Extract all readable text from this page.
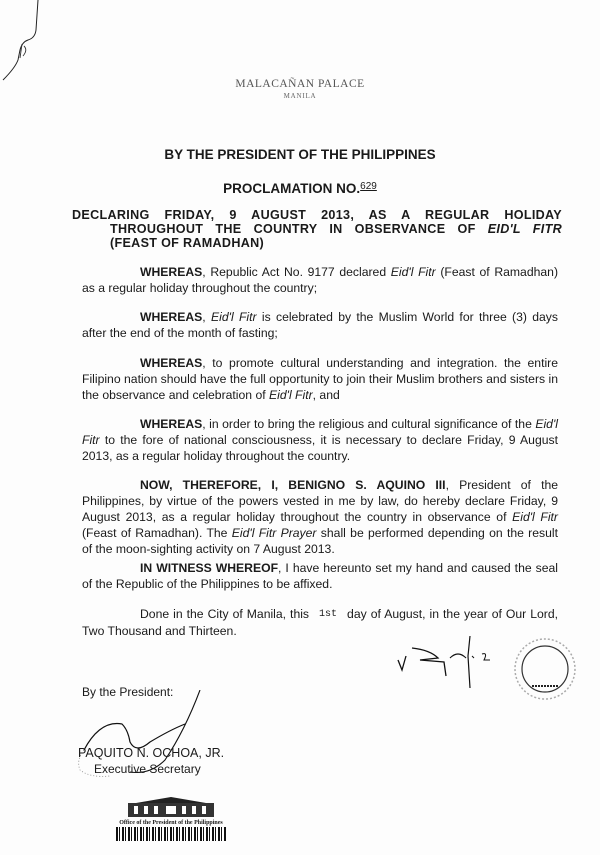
MALACAÑAN PALACE
MANILA
BY THE PRESIDENT OF THE PHILIPPINES
PROCLAMATION NO.$^{629}$
DECLARING FRIDAY, 9 AUGUST 2013, AS A REGULAR HOLIDAY
THROUGHOUT THE COUNTRY IN OBSERVANCE OF EID'L FITR
(FEAST OF RAMADHAN)
WHEREAS, Republic Act No. 9177 declared Eid'l Fitr (Feast of Ramadhan) as a regular holiday throughout the country;
WHEREAS, Eid'l Fitr is celebrated by the Muslim World for three (3) days after the end of the month of fasting;
WHEREAS, to promote cultural understanding and integration. the entire Filipino nation should have the full opportunity to join their Muslim brothers and sisters in the observance and celebration of Eid'l Fitr, and
WHEREAS, in order to bring the religious and cultural significance of the Eid'l Fitr to the fore of national consciousness, it is necessary to declare Friday, 9 August 2013, as a regular holiday throughout the country.
NOW, THEREFORE, I, BENIGNO S. AQUINO III, President of the Philippines, by virtue of the powers vested in me by law, do hereby declare Friday, 9 August 2013, as a regular holiday throughout the country in observance of Eid'l Fitr (Feast of Ramadhan). The Eid'l Fitr Prayer shall be performed depending on the result of the moon-sighting activity on 7 August 2013.
IN WITNESS WHEREOF, I have hereunto set my hand and caused the seal of the Republic of the Philippines to be affixed.
Done in the City of Manila, this 1st day of August, in the year of Our Lord, Two Thousand and Thirteen.
By the President:
PAQUITO N. OCHOA, JR.
Executive Secretary
Office of the President of the Philippines
